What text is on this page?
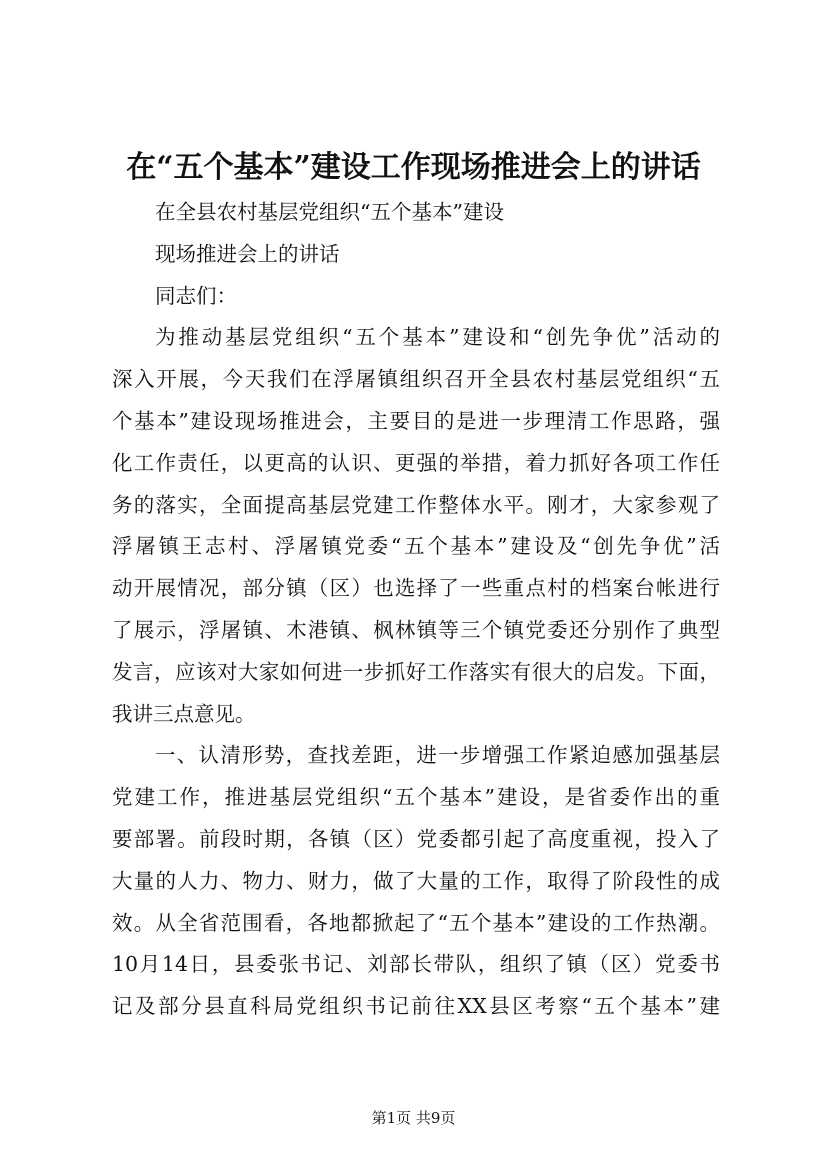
在“五个基本”建设工作现场推进会上的讲话
在全县农村基层党组织“五个基本”建设
现场推进会上的讲话
同志们：
为推动基层党组织“五个基本”建设和“创先争优”活动的
深入开展，今天我们在浮屠镇组织召开全县农村基层党组织“五
个基本”建设现场推进会，主要目的是进一步理清工作思路，强
化工作责任，以更高的认识、更强的举措，着力抓好各项工作任
务的落实，全面提高基层党建工作整体水平。刚才，大家参观了
浮屠镇王志村、浮屠镇党委“五个基本”建设及“创先争优”活
动开展情况，部分镇（区）也选择了一些重点村的档案台帐进行
了展示，浮屠镇、木港镇、枫林镇等三个镇党委还分别作了典型
发言，应该对大家如何进一步抓好工作落实有很大的启发。下面，
我讲三点意见。
一、认清形势，查找差距，进一步增强工作紧迫感加强基层
党建工作，推进基层党组织“五个基本”建设，是省委作出的重
要部署。前段时期，各镇（区）党委都引起了高度重视，投入了
大量的人力、物力、财力，做了大量的工作，取得了阶段性的成
效。从全省范围看，各地都掀起了“五个基本”建设的工作热潮。
10月14日，县委张书记、刘部长带队，组织了镇（区）党委书
记及部分县直科局党组织书记前往XX县区考察“五个基本”建
第1页 共9页
